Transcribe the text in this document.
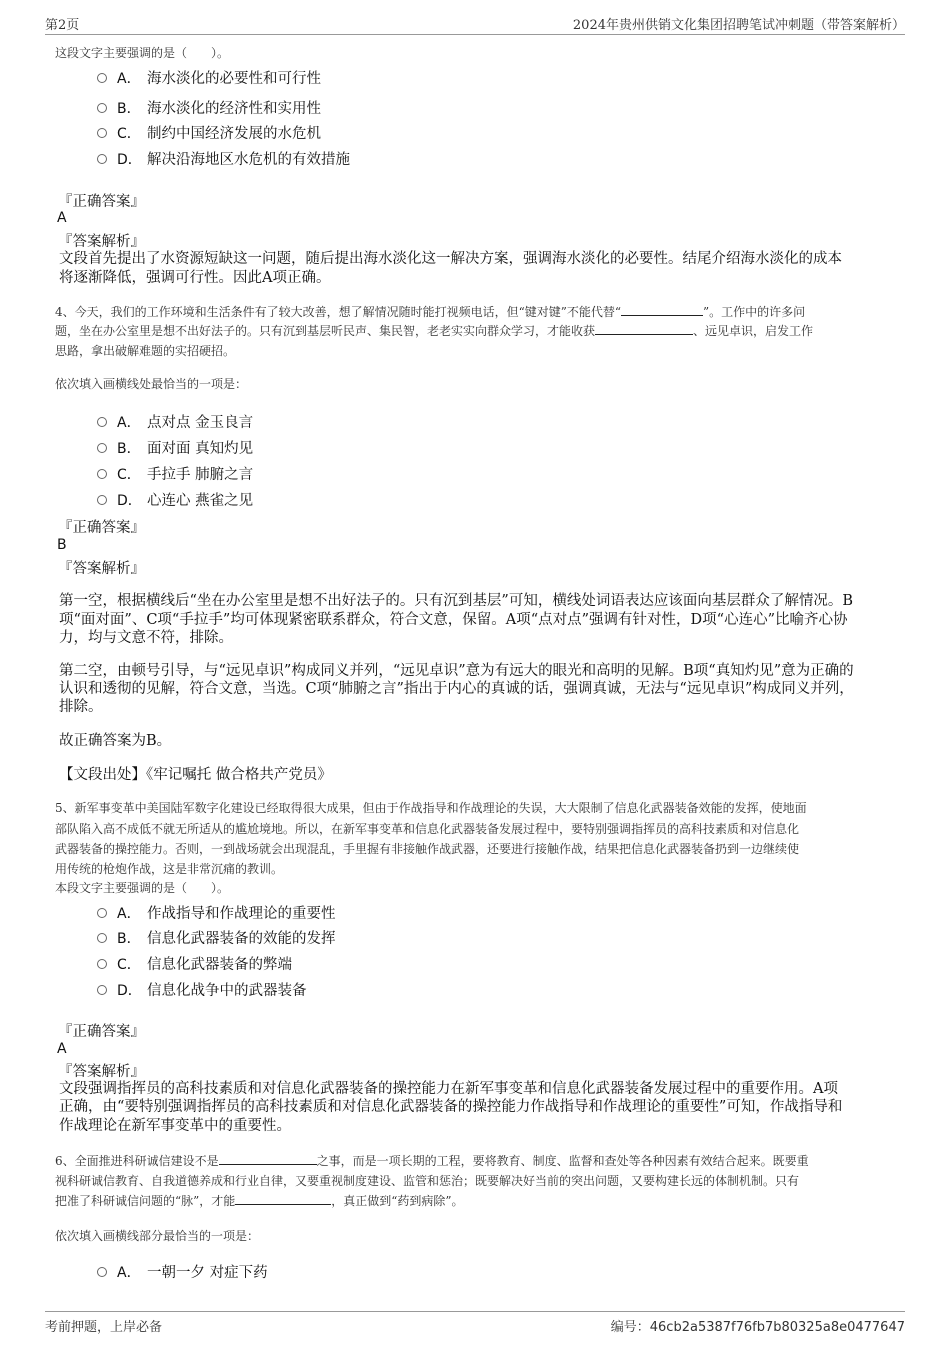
第2页	2024年贵州供销文化集团招聘笔试冲刺题（带答案解析）
这段文字主要强调的是（　　）。
A． 海水淡化的必要性和可行性
B． 海水淡化的经济性和实用性
C． 制约中国经济发展的水危机
D． 解决沿海地区水危机的有效措施
『正确答案』
A
『答案解析』
文段首先提出了水资源短缺这一问题，随后提出海水淡化这一解决方案，强调海水淡化的必要性。结尾介绍海水淡化的成本
将逐渐降低，强调可行性。因此A项正确。
4、今天，我们的工作环境和生活条件有了较大改善，想了解情况随时能打视频电话，但“键对键”不能代替“	”。工作中的许多问
题，坐在办公室里是想不出好法子的。只有沉到基层听民声、集民智，老老实实向群众学习，才能收获	、远见卓识，启发工作
思路，拿出破解难题的实招硬招。
依次填入画横线处最恰当的一项是：
A． 点对点 金玉良言
B． 面对面 真知灼见
C． 手拉手 肺腑之言
D． 心连心 燕雀之见
『正确答案』
B
『答案解析』
第一空，根据横线后“坐在办公室里是想不出好法子的。只有沉到基层”可知，横线处词语表达应该面向基层群众了解情况。B
项“面对面”、C项“手拉手”均可体现紧密联系群众，符合文意，保留。A项“点对点”强调有针对性，D项“心连心”比喻齐心协
力，均与文意不符，排除。
第二空，由顿号引导，与“远见卓识”构成同义并列，“远见卓识”意为有远大的眼光和高明的见解。B项“真知灼见”意为正确的
认识和透彻的见解，符合文意，当选。C项“肺腑之言”指出于内心的真诚的话，强调真诚，无法与“远见卓识”构成同义并列，
排除。
故正确答案为B。
【文段出处】《牢记嘱托 做合格共产党员》
5、新军事变革中美国陆军数字化建设已经取得很大成果，但由于作战指导和作战理论的失误，大大限制了信息化武器装备效能的发挥，使地面
部队陷入高不成低不就无所适从的尴尬境地。所以，在新军事变革和信息化武器装备发展过程中，要特别强调指挥员的高科技素质和对信息化
武器装备的操控能力。否则，一到战场就会出现混乱，手里握有非接触作战武器，还要进行接触作战，结果把信息化武器装备扔到一边继续使
用传统的枪炮作战，这是非常沉痛的教训。
本段文字主要强调的是（　　）。
A． 作战指导和作战理论的重要性
B． 信息化武器装备的效能的发挥
C． 信息化武器装备的弊端
D． 信息化战争中的武器装备
『正确答案』
A
『答案解析』
文段强调指挥员的高科技素质和对信息化武器装备的操控能力在新军事变革和信息化武器装备发展过程中的重要作用。A项
正确，由“要特别强调指挥员的高科技素质和对信息化武器装备的操控能力作战指导和作战理论的重要性”可知，作战指导和
作战理论在新军事变革中的重要性。
6、全面推进科研诚信建设不是	之事，而是一项长期的工程，要将教育、制度、监督和查处等各种因素有效结合起来。既要重
视科研诚信教育、自我道德养成和行业自律，又要重视制度建设、监管和惩治；既要解决好当前的突出问题，又要构建长远的体制机制。只有
把准了科研诚信问题的“脉”，才能	，真正做到“药到病除”。
依次填入画横线部分最恰当的一项是：
A． 一朝一夕 对症下药
考前押题，上岸必备	编号：46cb2a5387f76fb7b80325a8e0477647
